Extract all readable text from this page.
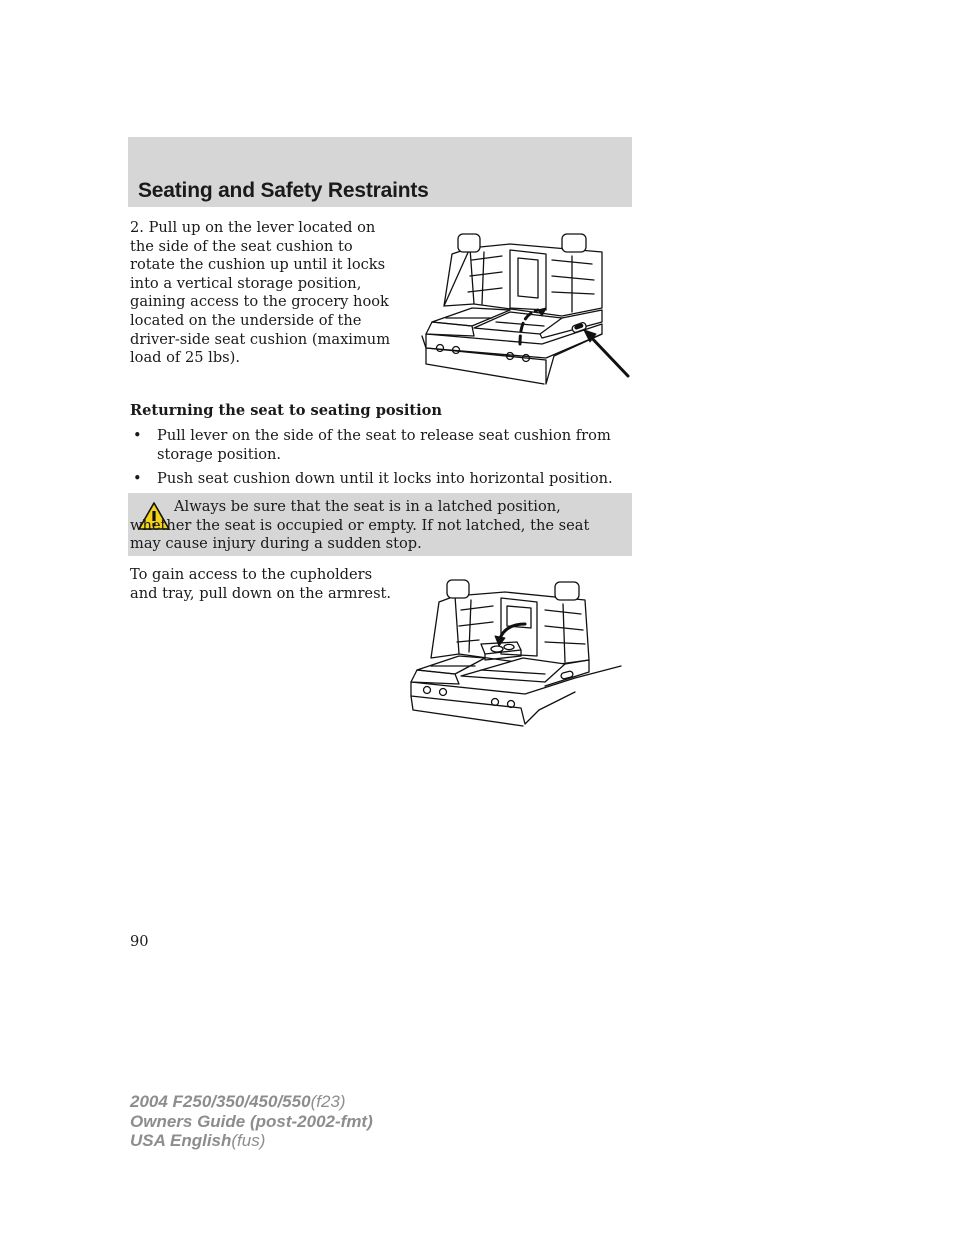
Seating and Safety Restraints

2. Pull up on the lever located on the side of the seat cushion to rotate the cushion up until it locks into a vertical storage position, gaining access to the grocery hook located on the underside of the driver-side seat cushion (maximum load of 25 lbs).

Returning the seat to seating position
• Pull lever on the side of the seat to release seat cushion from storage position.
• Push seat cushion down until it locks into horizontal position.

Always be sure that the seat is in a latched position, whether the seat is occupied or empty. If not latched, the seat may cause injury during a sudden stop.

To gain access to the cupholders and tray, pull down on the armrest.

90

2004 F250/350/450/550(f23)
Owners Guide (post-2002-fmt)
USA English(fus)
